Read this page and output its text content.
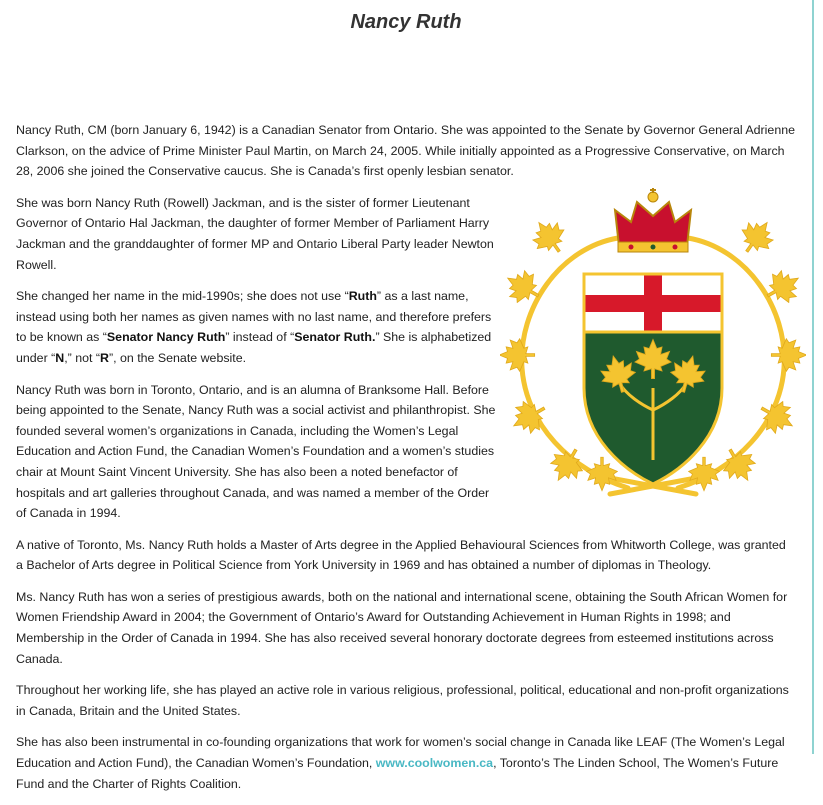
Nancy Ruth

Nancy Ruth, CM (born January 6, 1942) is a Canadian Senator from Ontario. She was appointed to the Senate by Governor General Adrienne Clarkson, on the advice of Prime Minister Paul Martin, on March 24, 2005. While initially appointed as a Progressive Conservative, on March 28, 2006 she joined the Conservative caucus. She is Canada’s first openly lesbian senator.

She was born Nancy Ruth (Rowell) Jackman, and is the sister of former Lieutenant Governor of Ontario Hal Jackman, the daughter of former Member of Parliament Harry Jackman and the granddaughter of former MP and Ontario Liberal Party leader Newton Rowell.

She changed her name in the mid-1990s; she does not use “Ruth” as a last name, instead using both her names as given names with no last name, and therefore prefers to be known as “Senator Nancy Ruth” instead of “Senator Ruth.” She is alphabetized under “N,” not “R”, on the Senate website.

Nancy Ruth was born in Toronto, Ontario, and is an alumna of Branksome Hall. Before being appointed to the Senate, Nancy Ruth was a social activist and philanthropist. She founded several women’s organizations in Canada, including the Women’s Legal Education and Action Fund, the Canadian Women’s Foundation and a women’s studies chair at Mount Saint Vincent University. She has also been a noted benefactor of hospitals and art galleries throughout Canada, and was named a member of the Order of Canada in 1994.

A native of Toronto, Ms. Nancy Ruth holds a Master of Arts degree in the Applied Behavioural Sciences from Whitworth College, was granted a Bachelor of Arts degree in Political Science from York University in 1969 and has obtained a number of diplomas in Theology.

Ms. Nancy Ruth has won a series of prestigious awards, both on the national and international scene, obtaining the South African Women for Women Friendship Award in 2004; the Government of Ontario’s Award for Outstanding Achievement in Human Rights in 1998; and Membership in the Order of Canada in 1994. She has also received several honorary doctorate degrees from esteemed institutions across Canada.

Throughout her working life, she has played an active role in various religious, professional, political, educational and non-profit organizations in Canada, Britain and the United States.

She has also been instrumental in co-founding organizations that work for women’s social change in Canada like LEAF (The Women’s Legal Education and Action Fund), the Canadian Women’s Foundation, www.coolwomen.ca, Toronto’s The Linden School, The Women’s Future Fund and the Charter of Rights Coalition.
